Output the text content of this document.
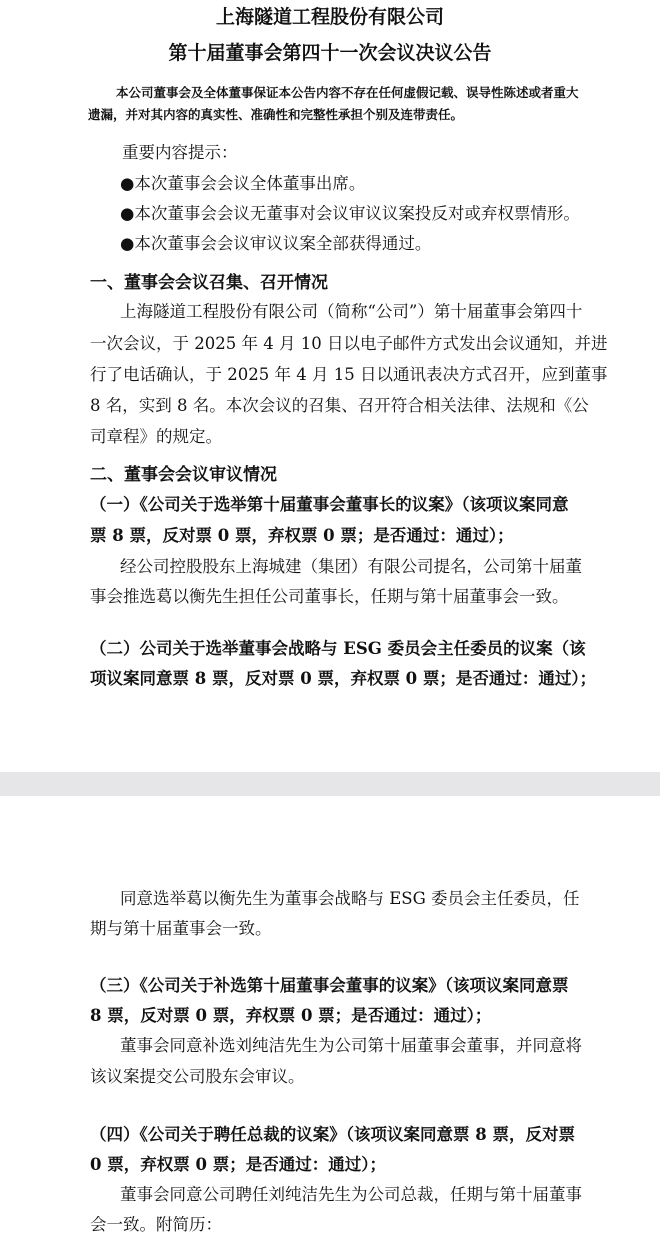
上海隧道工程股份有限公司
第十届董事会第四十一次会议决议公告
本公司董事会及全体董事保证本公告内容不存在任何虚假记载、误导性陈述或者重大
遗漏，并对其内容的真实性、准确性和完整性承担个别及连带责任。
重要内容提示：
●本次董事会会议全体董事出席。
●本次董事会会议无董事对会议审议议案投反对或弃权票情形。
●本次董事会会议审议议案全部获得通过。
一、董事会会议召集、召开情况
上海隧道工程股份有限公司（简称“公司”）第十届董事会第四十
一次会议，于 2025 年 4 月 10 日以电子邮件方式发出会议通知，并进
行了电话确认，于 2025 年 4 月 15 日以通讯表决方式召开，应到董事
8 名，实到 8 名。本次会议的召集、召开符合相关法律、法规和《公
司章程》的规定。
二、董事会会议审议情况
（一）《公司关于选举第十届董事会董事长的议案》（该项议案同意
票 8 票，反对票 0 票，弃权票 0 票；是否通过：通过）；
经公司控股股东上海城建（集团）有限公司提名，公司第十届董
事会推选葛以衡先生担任公司董事长，任期与第十届董事会一致。
（二）公司关于选举董事会战略与 ESG 委员会主任委员的议案（该
项议案同意票 8 票，反对票 0 票，弃权票 0 票；是否通过：通过）；
同意选举葛以衡先生为董事会战略与 ESG 委员会主任委员，任
期与第十届董事会一致。
（三）《公司关于补选第十届董事会董事的议案》（该项议案同意票
8 票，反对票 0 票，弃权票 0 票；是否通过：通过）；
董事会同意补选刘纯洁先生为公司第十届董事会董事，并同意将
该议案提交公司股东会审议。
（四）《公司关于聘任总裁的议案》（该项议案同意票 8 票，反对票
0 票，弃权票 0 票；是否通过：通过）；
董事会同意公司聘任刘纯洁先生为公司总裁，任期与第十届董事
会一致。附简历：
